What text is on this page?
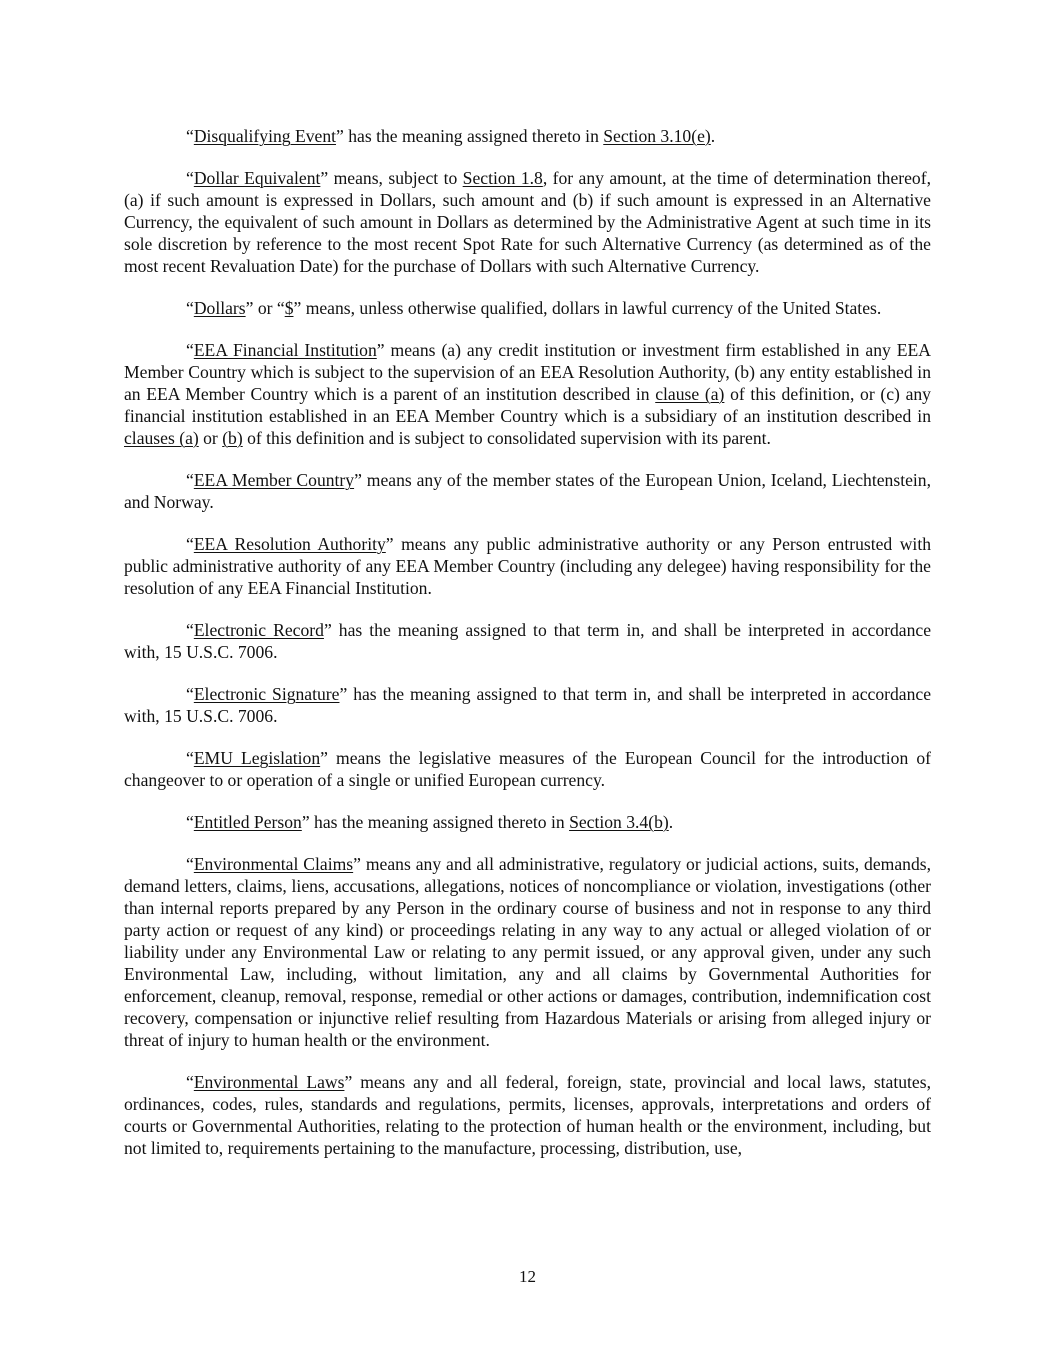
“Disqualifying Event” has the meaning assigned thereto in Section 3.10(e).

“Dollar Equivalent” means, subject to Section 1.8, for any amount, at the time of determination thereof, (a) if such amount is expressed in Dollars, such amount and (b) if such amount is expressed in an Alternative Currency, the equivalent of such amount in Dollars as determined by the Administrative Agent at such time in its sole discretion by reference to the most recent Spot Rate for such Alternative Currency (as determined as of the most recent Revaluation Date) for the purchase of Dollars with such Alternative Currency.

“Dollars” or “$” means, unless otherwise qualified, dollars in lawful currency of the United States.

“EEA Financial Institution” means (a) any credit institution or investment firm established in any EEA Member Country which is subject to the supervision of an EEA Resolution Authority, (b) any entity established in an EEA Member Country which is a parent of an institution described in clause (a) of this definition, or (c) any financial institution established in an EEA Member Country which is a subsidiary of an institution described in clauses (a) or (b) of this definition and is subject to consolidated supervision with its parent.

“EEA Member Country” means any of the member states of the European Union, Iceland, Liechtenstein, and Norway.

“EEA Resolution Authority” means any public administrative authority or any Person entrusted with public administrative authority of any EEA Member Country (including any delegee) having responsibility for the resolution of any EEA Financial Institution.

“Electronic Record” has the meaning assigned to that term in, and shall be interpreted in accordance with, 15 U.S.C. 7006.

“Electronic Signature” has the meaning assigned to that term in, and shall be interpreted in accordance with, 15 U.S.C. 7006.

“EMU Legislation” means the legislative measures of the European Council for the introduction of changeover to or operation of a single or unified European currency.

“Entitled Person” has the meaning assigned thereto in Section 3.4(b).

“Environmental Claims” means any and all administrative, regulatory or judicial actions, suits, demands, demand letters, claims, liens, accusations, allegations, notices of noncompliance or violation, investigations (other than internal reports prepared by any Person in the ordinary course of business and not in response to any third party action or request of any kind) or proceedings relating in any way to any actual or alleged violation of or liability under any Environmental Law or relating to any permit issued, or any approval given, under any such Environmental Law, including, without limitation, any and all claims by Governmental Authorities for enforcement, cleanup, removal, response, remedial or other actions or damages, contribution, indemnification cost recovery, compensation or injunctive relief resulting from Hazardous Materials or arising from alleged injury or threat of injury to human health or the environment.

“Environmental Laws” means any and all federal, foreign, state, provincial and local laws, statutes, ordinances, codes, rules, standards and regulations, permits, licenses, approvals, interpretations and orders of courts or Governmental Authorities, relating to the protection of human health or the environment, including, but not limited to, requirements pertaining to the manufacture, processing, distribution, use,

12
